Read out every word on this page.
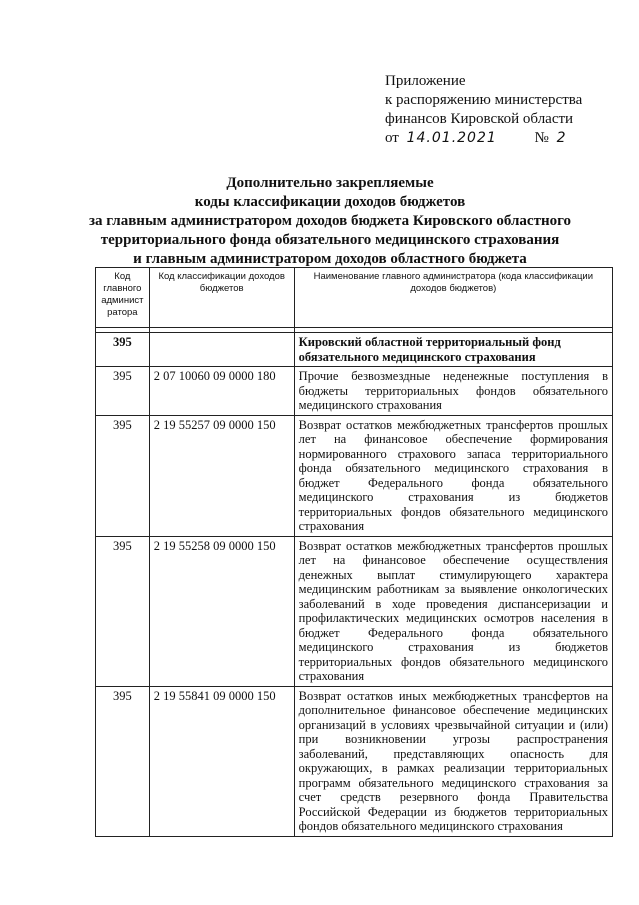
Приложение
к распоряжению министерства
финансов Кировской области
от 14.01.2021	№ 2
Дополнительно закрепляемые
коды классификации доходов бюджетов
за главным администратором доходов бюджета Кировского областного
территориального фонда обязательного медицинского страхования
и главным администратором доходов областного бюджета
Код главного админист ратора	Код классификации доходов бюджетов	Наименование главного администратора (кода классификации доходов бюджетов)

395		Кировский областной территориальный фонд обязательного медицинского страхования
395	2 07 10060 09 0000 180	Прочие безвозмездные неденежные поступления в бюджеты территориальных фондов обязательного медицинского страхования
395	2 19 55257 09 0000 150	Возврат остатков межбюджетных трансфертов прошлых лет на финансовое обеспечение формирования нормированного страхового запаса территориального фонда обязательного медицинского страхования в бюджет Федерального фонда обязательного медицинского страхования из бюджетов территориальных фондов обязательного медицинского страхования
395	2 19 55258 09 0000 150	Возврат остатков межбюджетных трансфертов прошлых лет на финансовое обеспечение осуществления денежных выплат стимулирующего характера медицинским работникам за выявление онкологических заболеваний в ходе проведения диспансеризации и профилактических медицинских осмотров населения в бюджет Федерального фонда обязательного медицинского страхования из бюджетов территориальных фондов обязательного медицинского страхования
395	2 19 55841 09 0000 150	Возврат остатков иных межбюджетных трансфертов на дополнительное финансовое обеспечение медицинских организаций в условиях чрезвычайной ситуации и (или) при возникновении угрозы распространения заболеваний, представляющих опасность для окружающих, в рамках реализации территориальных программ обязательного медицинского страхования за счет средств резервного фонда Правительства Российской Федерации из бюджетов территориальных фондов обязательного медицинского страхования
